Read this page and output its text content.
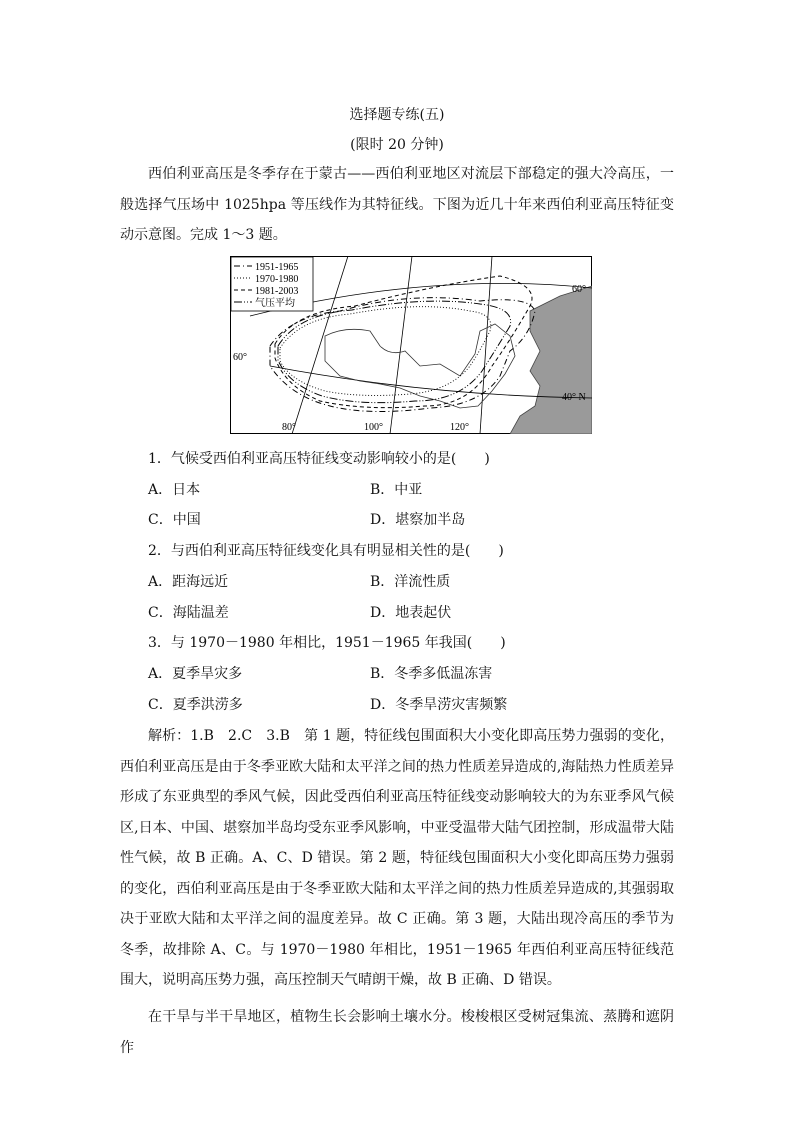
选择题专练(五)
(限时 20 分钟)

西伯利亚高压是冬季存在于蒙古——西伯利亚地区对流层下部稳定的强大冷高压，一般选择气压场中 1025hpa 等压线作为其特征线。下图为近几十年来西伯利亚高压特征变动示意图。完成 1～3 题。

1951-1965
1970-1980
1981-2003
气压平均
60°
60°
40° N
80°	100°	120°
1．气候受西伯利亚高压特征线变动影响较小的是(　　)
A．日本	B．中亚
C．中国	D．堪察加半岛
2．与西伯利亚高压特征线变化具有明显相关性的是(　　)
A．距海远近	B．洋流性质
C．海陆温差	D．地表起伏
3．与 1970－1980 年相比，1951－1965 年我国(　　)
A．夏季旱灾多	B．冬季多低温冻害
C．夏季洪涝多	D．冬季旱涝灾害频繁

解析：1.B　2.C　3.B　第 1 题，特征线包围面积大小变化即高压势力强弱的变化，西伯利亚高压是由于冬季亚欧大陆和太平洋之间的热力性质差异造成的,海陆热力性质差异形成了东亚典型的季风气候，因此受西伯利亚高压特征线变动影响较大的为东亚季风气候区,日本、中国、堪察加半岛均受东亚季风影响，中亚受温带大陆气团控制，形成温带大陆性气候，故 B 正确。A、C、D 错误。第 2 题，特征线包围面积大小变化即高压势力强弱的变化，西伯利亚高压是由于冬季亚欧大陆和太平洋之间的热力性质差异造成的,其强弱取决于亚欧大陆和太平洋之间的温度差异。故 C 正确。第 3 题，大陆出现冷高压的季节为冬季，故排除 A、C。与 1970－1980 年相比，1951－1965 年西伯利亚高压特征线范围大，说明高压势力强，高压控制天气晴朗干燥，故 B 正确、D 错误。

在干旱与半干旱地区，植物生长会影响土壤水分。梭梭根区受树冠集流、蒸腾和遮阴作
